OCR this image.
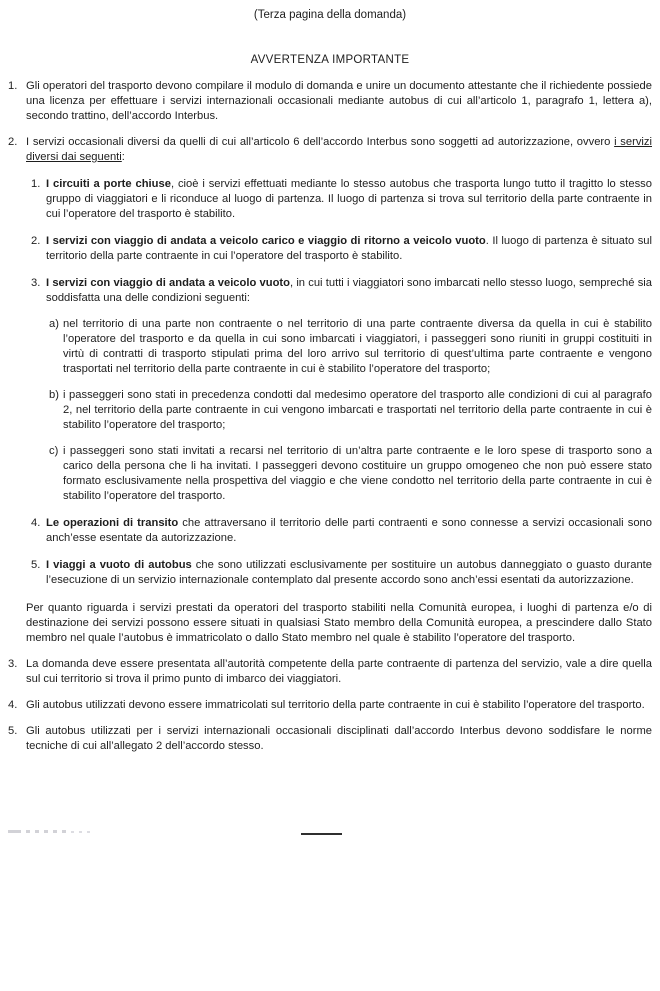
(Terza pagina della domanda)
AVVERTENZA IMPORTANTE
1. Gli operatori del trasporto devono compilare il modulo di domanda e unire un documento attestante che il richiedente possiede una licenza per effettuare i servizi internazionali occasionali mediante autobus di cui all’articolo 1, paragrafo 1, lettera a), secondo trattino, dell’accordo Interbus.
2. I servizi occasionali diversi da quelli di cui all’articolo 6 dell’accordo Interbus sono soggetti ad autorizzazione, ovvero i servizi diversi dai seguenti:
1. I circuiti a porte chiuse, cioè i servizi effettuati mediante lo stesso autobus che trasporta lungo tutto il tragitto lo stesso gruppo di viaggiatori e li riconduce al luogo di partenza. Il luogo di partenza si trova sul territorio della parte contraente in cui l’operatore del trasporto è stabilito.
2. I servizi con viaggio di andata a veicolo carico e viaggio di ritorno a veicolo vuoto. Il luogo di partenza è situato sul territorio della parte contraente in cui l’operatore del trasporto è stabilito.
3. I servizi con viaggio di andata a veicolo vuoto, in cui tutti i viaggiatori sono imbarcati nello stesso luogo, sempreché sia soddisfatta una delle condizioni seguenti:
a) nel territorio di una parte non contraente o nel territorio di una parte contraente diversa da quella in cui è stabilito l’operatore del trasporto e da quella in cui sono imbarcati i viaggiatori, i passeggeri sono riuniti in gruppi costituiti in virtù di contratti di trasporto stipulati prima del loro arrivo sul territorio di quest’ultima parte contraente e vengono trasportati nel territorio della parte contraente in cui è stabilito l’operatore del trasporto;
b) i passeggeri sono stati in precedenza condotti dal medesimo operatore del trasporto alle condizioni di cui al paragrafo 2, nel territorio della parte contraente in cui vengono imbarcati e trasportati nel territorio della parte contraente in cui è stabilito l’operatore del trasporto;
c) i passeggeri sono stati invitati a recarsi nel territorio di un’altra parte contraente e le loro spese di trasporto sono a carico della persona che li ha invitati. I passeggeri devono costituire un gruppo omogeneo che non può essere stato formato esclusivamente nella prospettiva del viaggio e che viene condotto nel territorio della parte contraente in cui è stabilito l’operatore del trasporto.
4. Le operazioni di transito che attraversano il territorio delle parti contraenti e sono connesse a servizi occasionali sono anch’esse esentate da autorizzazione.
5. I viaggi a vuoto di autobus che sono utilizzati esclusivamente per sostituire un autobus danneggiato o guasto durante l’esecuzione di un servizio internazionale contemplato dal presente accordo sono anch’essi esentati da autorizzazione.
Per quanto riguarda i servizi prestati da operatori del trasporto stabiliti nella Comunità europea, i luoghi di partenza e/o di destinazione dei servizi possono essere situati in qualsiasi Stato membro della Comunità europea, a prescindere dallo Stato membro nel quale l’autobus è immatricolato o dallo Stato membro nel quale è stabilito l’operatore del trasporto.
3. La domanda deve essere presentata all’autorità competente della parte contraente di partenza del servizio, vale a dire quella sul cui territorio si trova il primo punto di imbarco dei viaggiatori.
4. Gli autobus utilizzati devono essere immatricolati sul territorio della parte contraente in cui è stabilito l’operatore del trasporto.
5. Gli autobus utilizzati per i servizi internazionali occasionali disciplinati dall’accordo Interbus devono soddisfare le norme tecniche di cui all’allegato 2 dell’accordo stesso.
